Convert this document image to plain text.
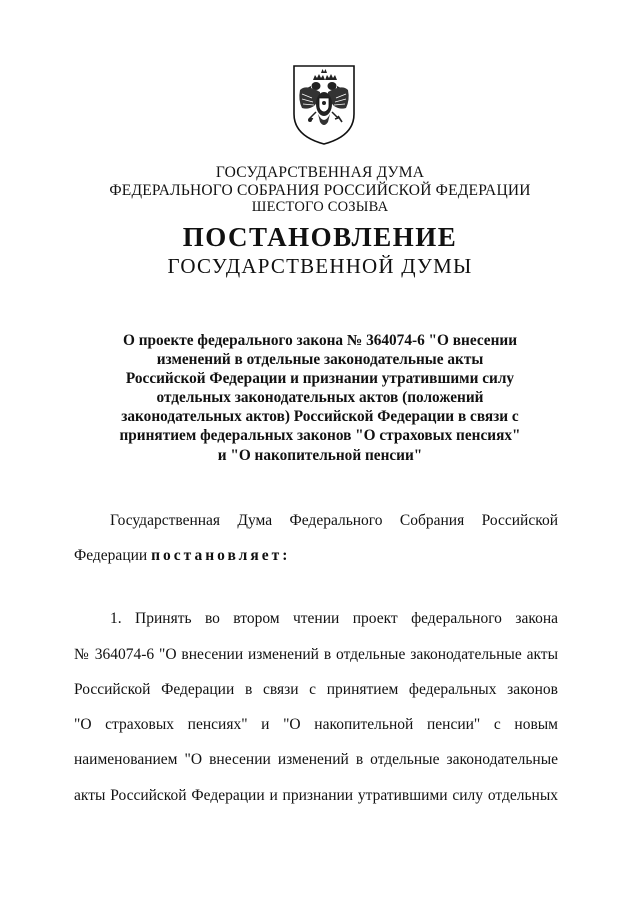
ГОСУДАРСТВЕННАЯ ДУМА
ФЕДЕРАЛЬНОГО СОБРАНИЯ РОССИЙСКОЙ ФЕДЕРАЦИИ
ШЕСТОГО СОЗЫВА
ПОСТАНОВЛЕНИЕ
ГОСУДАРСТВЕННОЙ ДУМЫ
О проекте федерального закона № 364074-6 "О внесении
изменений в отдельные законодательные акты
Российской Федерации и признании утратившими силу
отдельных законодательных актов (положений
законодательных актов) Российской Федерации в связи с
принятием федеральных законов "О страховых пенсиях"
и "О накопительной пенсии"
Государственная Дума Федерального Собрания Российской
Федерации постановляет:
1. Принять во втором чтении проект федерального закона
№ 364074-6 "О внесении изменений в отдельные законодательные акты
Российской Федерации в связи с принятием федеральных законов
"О страховых пенсиях" и "О накопительной пенсии" с новым
наименованием "О внесении изменений в отдельные законодательные
акты Российской Федерации и признании утратившими силу отдельных
